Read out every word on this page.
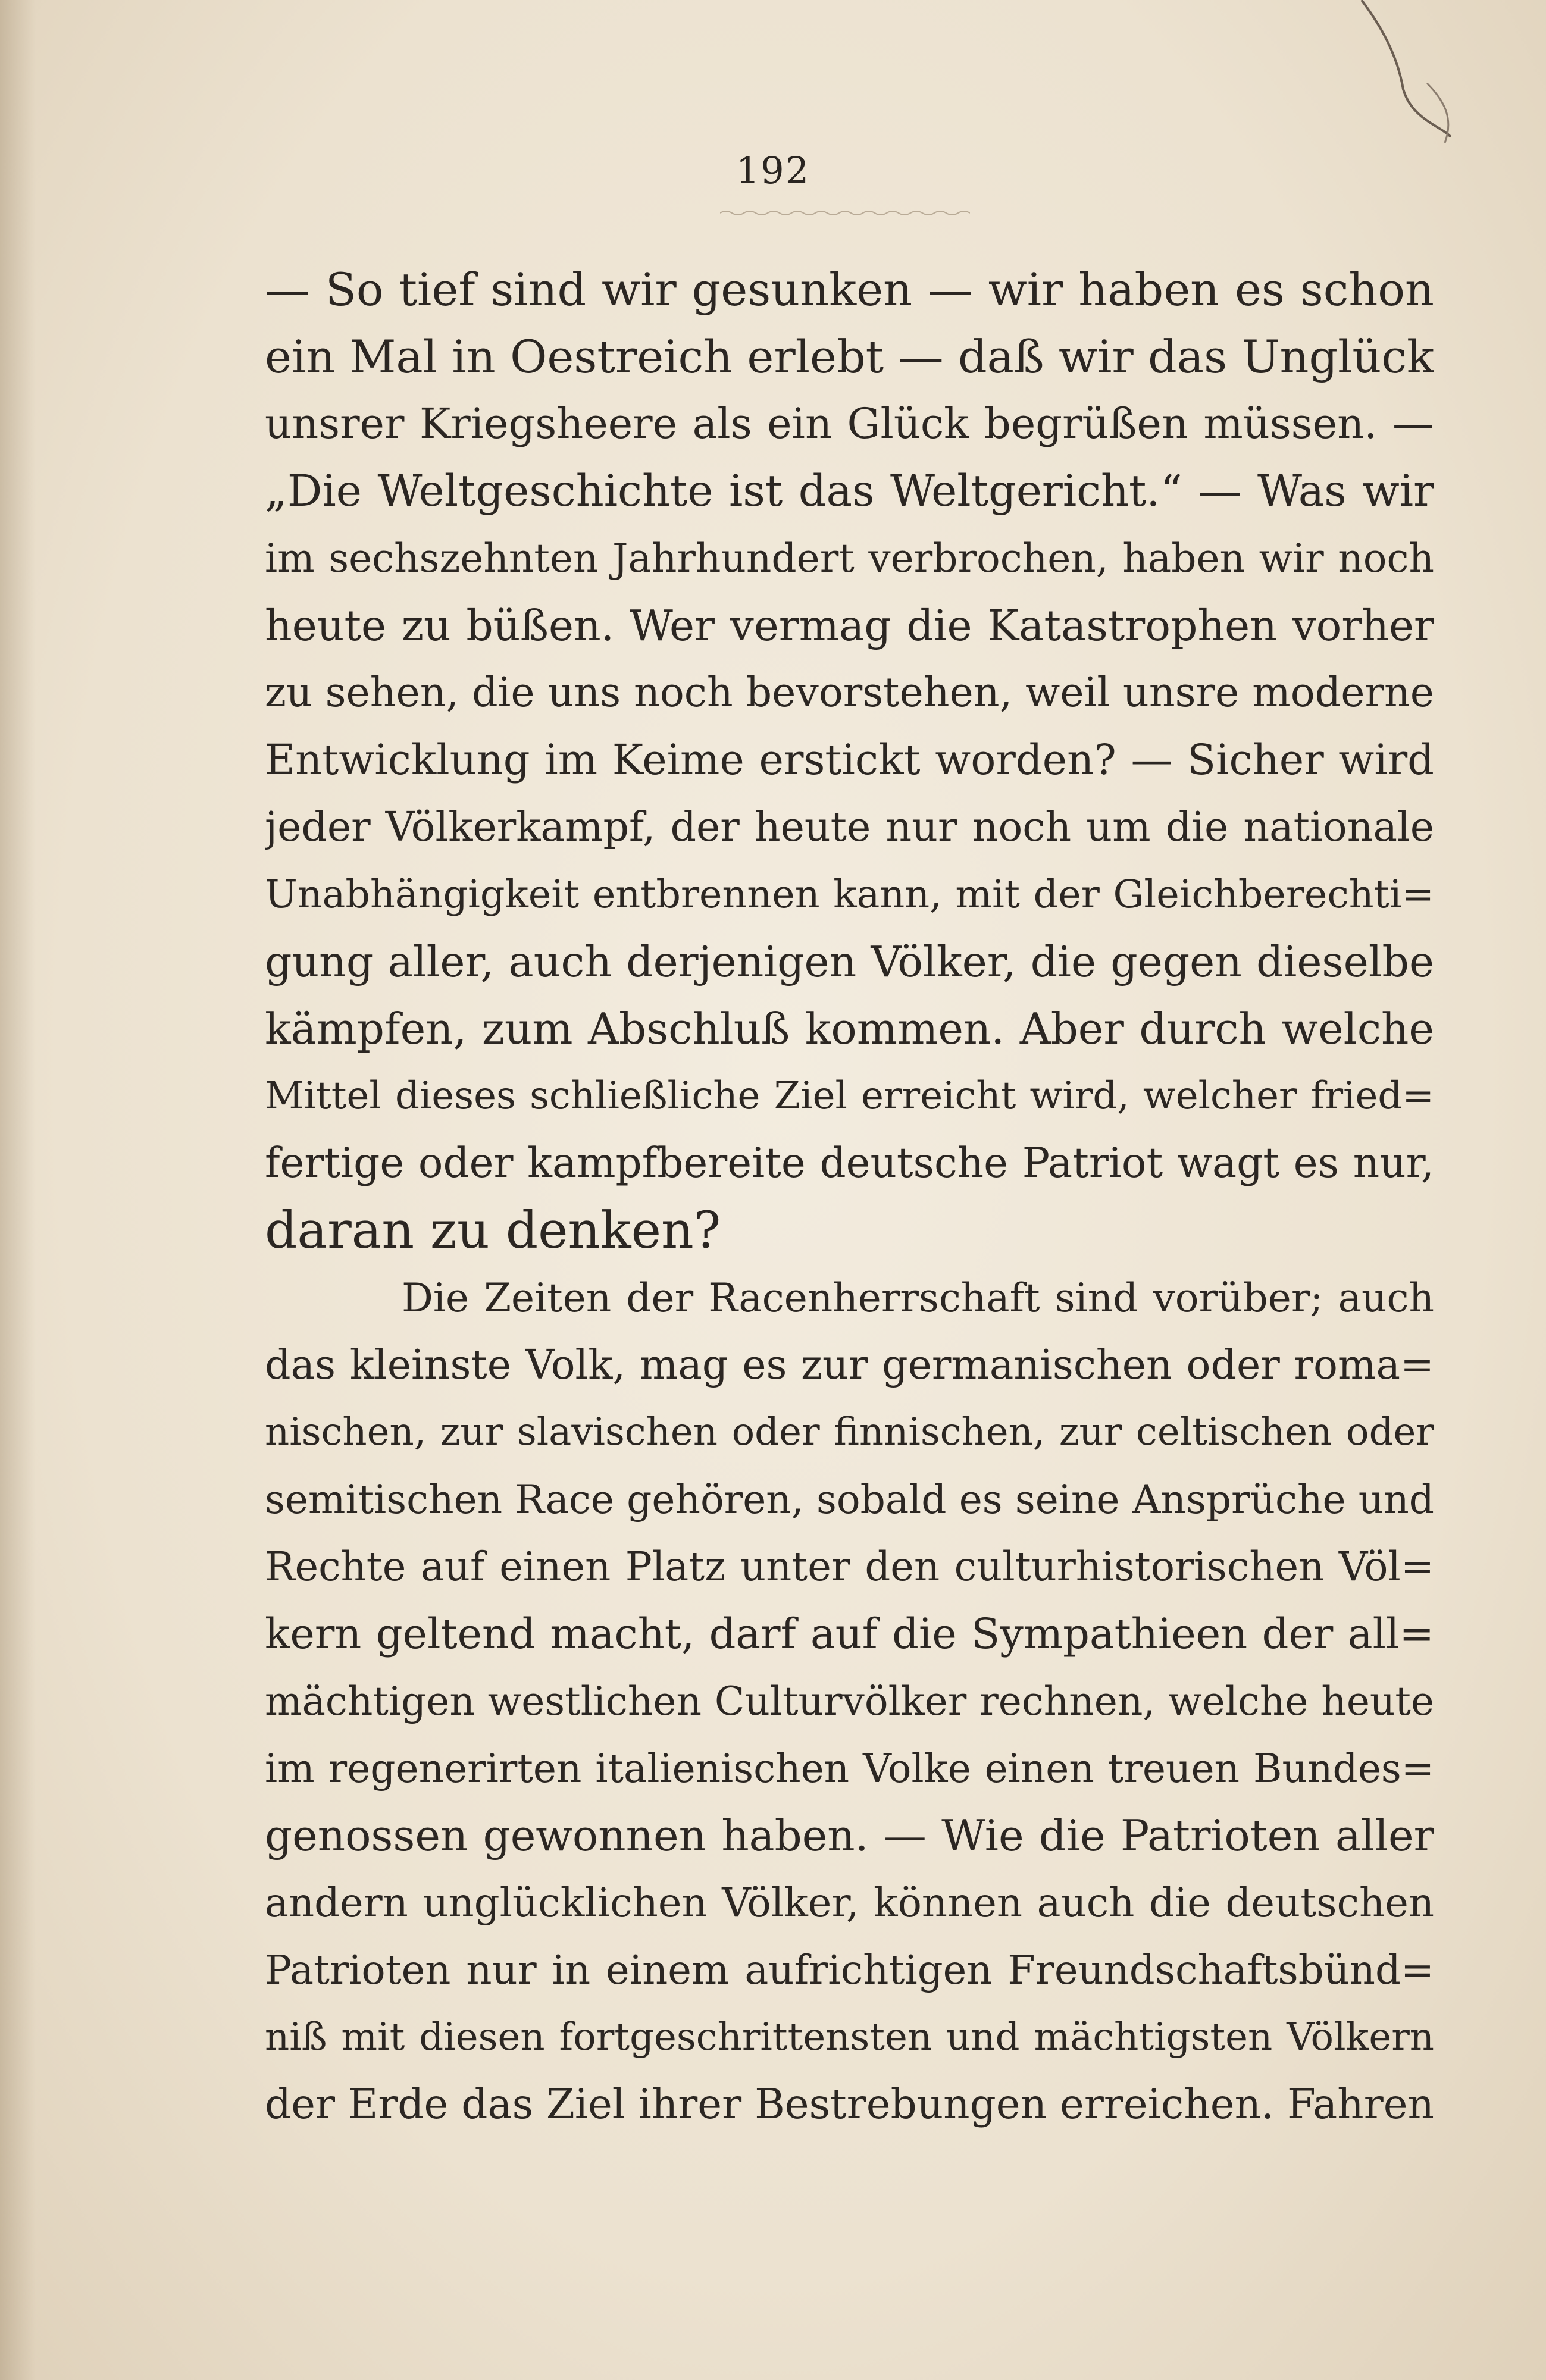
192
— So tief sind wir gesunken — wir haben es schon
ein Mal in Oestreich erlebt — daß wir das Unglück
unsrer Kriegsheere als ein Glück begrüßen müssen. —
„Die Weltgeschichte ist das Weltgericht.“ — Was wir
im sechszehnten Jahrhundert verbrochen, haben wir noch
heute zu büßen. Wer vermag die Katastrophen vorher
zu sehen, die uns noch bevorstehen, weil unsre moderne
Entwicklung im Keime erstickt worden? — Sicher wird
jeder Völkerkampf, der heute nur noch um die nationale
Unabhängigkeit entbrennen kann, mit der Gleichberechti=
gung aller, auch derjenigen Völker, die gegen dieselbe
kämpfen, zum Abschluß kommen. Aber durch welche
Mittel dieses schließliche Ziel erreicht wird, welcher fried=
fertige oder kampfbereite deutsche Patriot wagt es nur,
daran zu denken?
Die Zeiten der Racenherrschaft sind vorüber; auch
das kleinste Volk, mag es zur germanischen oder roma=
nischen, zur slavischen oder finnischen, zur celtischen oder
semitischen Race gehören, sobald es seine Ansprüche und
Rechte auf einen Platz unter den culturhistorischen Völ=
kern geltend macht, darf auf die Sympathieen der all=
mächtigen westlichen Culturvölker rechnen, welche heute
im regenerirten italienischen Volke einen treuen Bundes=
genossen gewonnen haben. — Wie die Patrioten aller
andern unglücklichen Völker, können auch die deutschen
Patrioten nur in einem aufrichtigen Freundschaftsbünd=
niß mit diesen fortgeschrittensten und mächtigsten Völkern
der Erde das Ziel ihrer Bestrebungen erreichen. Fahren
